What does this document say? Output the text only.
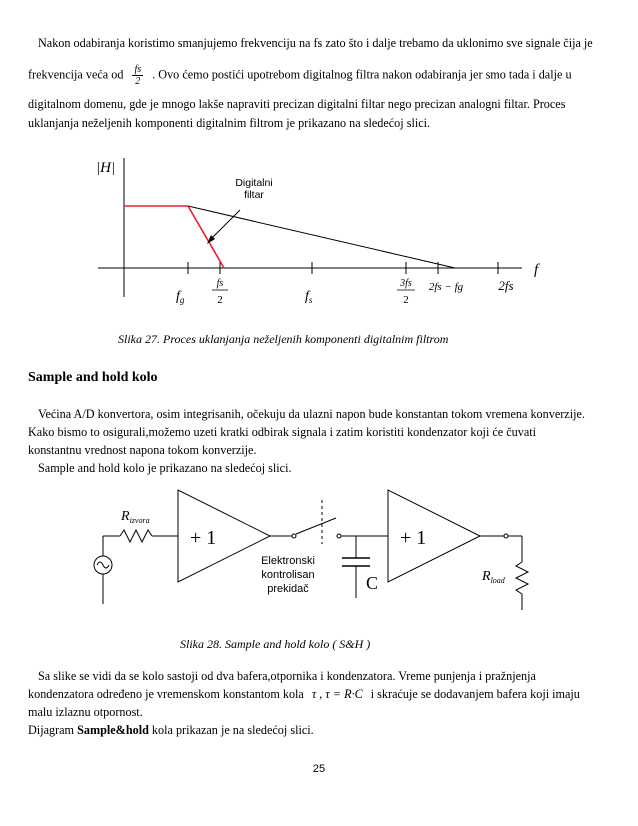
Nakon odabiranja koristimo smanjujemo frekvenciju na fs zato što i dalje trebamo da uklonimo sve signale čija je

frekvencija veća od $\frac{fs}{2}$ . Ovo ćemo postići upotrebom digitalnog filtra nakon odabiranja jer smo tada i dalje u

digitalnom domenu, gde je mnogo lakše napraviti precizan digitalni filtar nego precizan analogni filtar. Proces uklanjanja neželjenih komponenti digitalnim filtrom je prikazano na sledećoj slici.

|H|
f
Digitalni
filtar
$f_g$
fs
2	$f_s$
3fs
2
2fs − fg	2fs
Slika 27. Proces uklanjanja neželjenih komponenti digitalnim filtrom
Sample and hold kolo

Većina A/D konvertora, osim integrisanih, očekuju da ulazni napon bude konstantan tokom vremena konverzije.

Kako bismo to osigurali,možemo uzeti kratki odbirak signala i zatim koristiti kondenzator koji će čuvati

konstantnu vrednost napona tokom konverzije.

Sample and hold kolo je prikazano na sledećoj slici.

$R_{izvora}$
+ 1	+ 1
Elektronski
kontrolisan
prekidač	C	$R_{load}$
Slika 28. Sample and hold kolo ( S&H )

Sa slike se vidi da se kolo sastoji od dva bafera,otpornika i kondenzatora. Vreme punjenja i pražnjenja

kondenzatora određeno je vremenskom konstantom kola τ , τ = R·C i skraćuje se dodavanjem bafera koji imaju

malu izlaznu otpornost.

Dijagram Sample&hold kola prikazan je na sledećoj slici.

25
